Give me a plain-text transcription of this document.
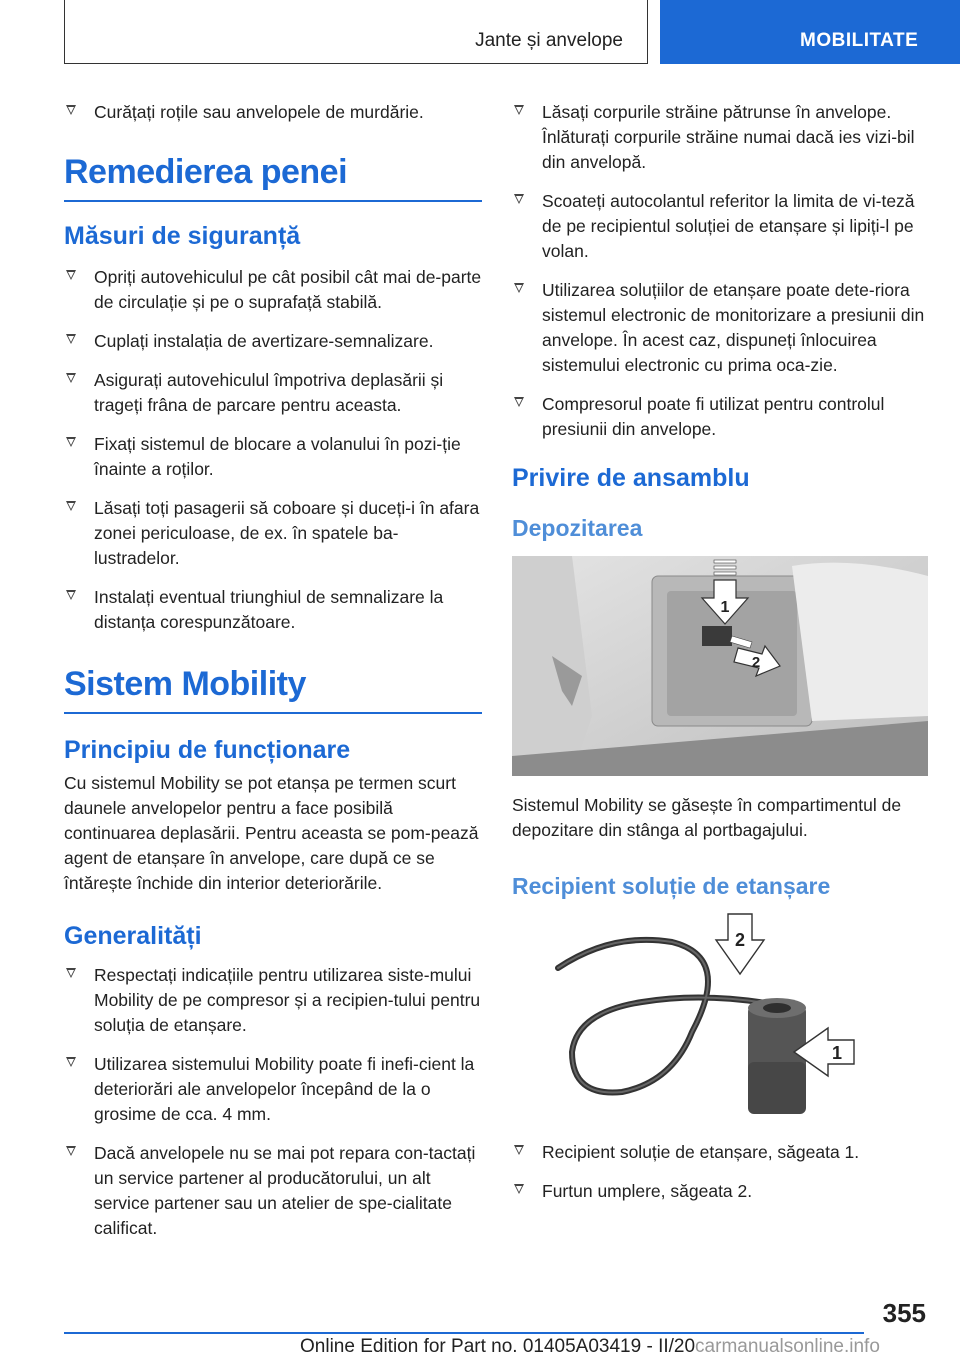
Jante și anvelope	MOBILITATE
Curățați roțile sau anvelopele de murdărie.
Remedierea penei
Măsuri de siguranță
Opriți autovehiculul pe cât posibil cât mai de-parte de circulație și pe o suprafață stabilă.
Cuplați instalația de avertizare-semnalizare.
Asigurați autovehiculul împotriva deplasării și trageți frâna de parcare pentru aceasta.
Fixați sistemul de blocare a volanului în pozi-ție înainte a roților.
Lăsați toți pasagerii să coboare și duceți-i în afara zonei periculoase, de ex. în spatele ba-lustradelor.
Instalați eventual triunghiul de semnalizare la distanța corespunzătoare.
Sistem Mobility
Principiu de funcționare

Cu sistemul Mobility se pot etanșa pe termen scurt daunele anvelopelor pentru a face posibilă continuarea deplasării. Pentru aceasta se pom-pează agent de etanșare în anvelope, care după ce se întărește închide din interior deteriorările.

Generalități
Respectați indicațiile pentru utilizarea siste-mului Mobility de pe compresor și a recipien-tului pentru soluția de etanșare.
Utilizarea sistemului Mobility poate fi inefi-cient la deteriorări ale anvelopelor începând de la o grosime de cca. 4 mm.
Dacă anvelopele nu se mai pot repara con-tactați un service partener al producătorului, un alt service partener sau un atelier de spe-cialitate calificat.
Lăsați corpurile străine pătrunse în anvelope. Înlăturați corpurile străine numai dacă ies vizi-bil din anvelopă.
Scoateți autocolantul referitor la limita de vi-teză de pe recipientul soluției de etanșare și lipiți-l pe volan.
Utilizarea soluțiilor de etanșare poate dete-riora sistemul electronic de monitorizare a presiunii din anvelope. În acest caz, dispuneți înlocuirea sistemului electronic cu prima oca-zie.
Compresorul poate fi utilizat pentru controlul presiunii din anvelope.
Privire de ansamblu
Depozitarea
1
2

Sistemul Mobility se găsește în compartimentul de depozitare din stânga al portbagajului.

Recipient soluție de etanșare
2
1
Recipient soluție de etanșare, săgeata 1.
Furtun umplere, săgeata 2.
355
Online Edition for Part no. 01405A03419 - II/20carmanualsonline.info
